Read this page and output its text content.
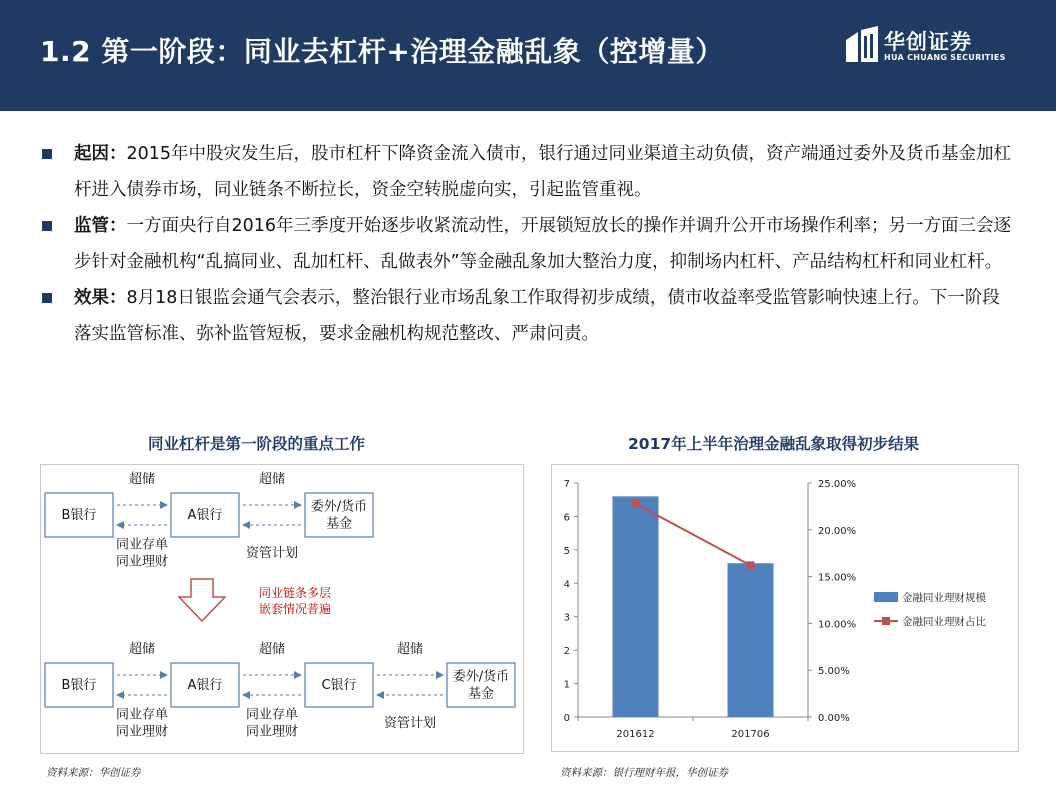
1.2 第一阶段：同业去杠杆+治理金融乱象（控增量）	华创证券
HUA CHUANG SECURITIES
起因：2015年中股灾发生后，股市杠杆下降资金流入债市，银行通过同业渠道主动负债，资产端通过委外及货币基金加杠杆进入债券市场，同业链条不断拉长，资金空转脱虚向实，引起监管重视。
监管：一方面央行自2016年三季度开始逐步收紧流动性，开展锁短放长的操作并调升公开市场操作利率；另一方面三会逐步针对金融机构“乱搞同业、乱加杠杆、乱做表外”等金融乱象加大整治力度，抑制场内杠杆、产品结构杠杆和同业杠杆。
效果：8月18日银监会通气会表示，整治银行业市场乱象工作取得初步成绩，债市收益率受监管影响快速上行。下一阶段落实监管标准、弥补监管短板，要求金融机构规范整改、严肃问责。
同业杠杆是第一阶段的重点工作
B银行	A银行
委外/货币基金
超储
同业存单同业理财
超储
资管计划
B银行	A银行	C银行
委外/货币基金
超储
同业存单同业理财
超储
同业存单同业理财
超储
资管计划
同业链条多层嵌套情况普遍
资料来源：华创证券
2017年上半年治理金融乱象取得初步结果
0
1
2
3
4
5
6
7
0.00%
5.00%
10.00%
15.00%
20.00%
25.00%
201612	201706
金融同业理财规模
金融同业理财占比
资料来源：银行理财年报，华创证券
